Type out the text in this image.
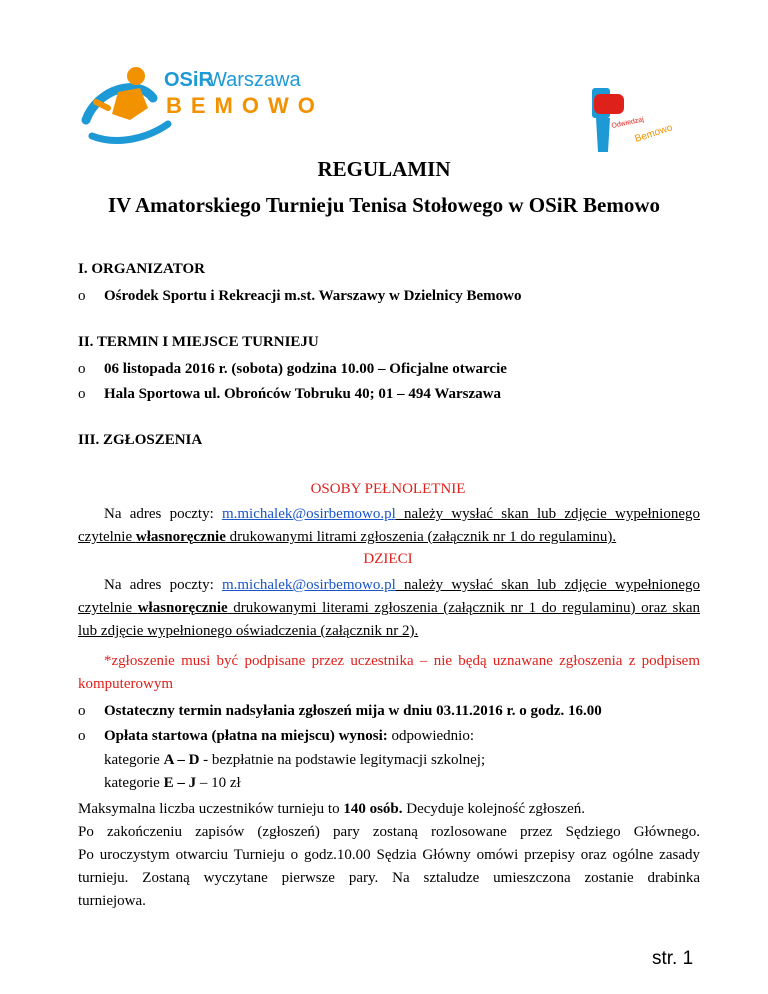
OSiR
Warszawa
BEMOWO
Odwiedzaj
Bemowo
REGULAMIN
IV Amatorskiego Turnieju Tenisa Stołowego w OSiR Bemowo
I. ORGANIZATOR
o Ośrodek Sportu i Rekreacji m.st. Warszawy w Dzielnicy Bemowo
II. TERMIN I MIEJSCE TURNIEJU
o 06 listopada 2016 r. (sobota) godzina 10.00 – Oficjalne otwarcie
o Hala Sportowa ul. Obrońców Tobruku 40; 01 – 494 Warszawa
III. ZGŁOSZENIA
OSOBY PEŁNOLETNIE
Na adres poczty: m.michalek@osirbemowo.pl należy wysłać skan lub zdjęcie wypełnionego
czytelnie własnoręcznie drukowanymi litrami zgłoszenia (załącznik nr 1 do regulaminu).
DZIECI
Na adres poczty: m.michalek@osirbemowo.pl należy wysłać skan lub zdjęcie wypełnionego
czytelnie własnoręcznie drukowanymi literami zgłoszenia (załącznik nr 1 do regulaminu) oraz skan
lub zdjęcie wypełnionego oświadczenia (załącznik nr 2).
*zgłoszenie musi być podpisane przez uczestnika – nie będą uznawane zgłoszenia z podpisem
komputerowym
o Ostateczny termin nadsyłania zgłoszeń mija w dniu 03.11.2016 r. o godz. 16.00
o Opłata startowa (płatna na miejscu) wynosi: odpowiednio:
kategorie A – D - bezpłatnie na podstawie legitymacji szkolnej;
kategorie E – J – 10 zł
Maksymalna liczba uczestników turnieju to 140 osób. Decyduje kolejność zgłoszeń.
Po zakończeniu zapisów (zgłoszeń) pary zostaną rozlosowane przez Sędziego Głównego.
Po uroczystym otwarciu Turnieju o godz.10.00 Sędzia Główny omówi przepisy oraz ogólne zasady
turnieju. Zostaną wyczytane pierwsze pary. Na sztaludze umieszczona zostanie drabinka
turniejowa.
str. 1
